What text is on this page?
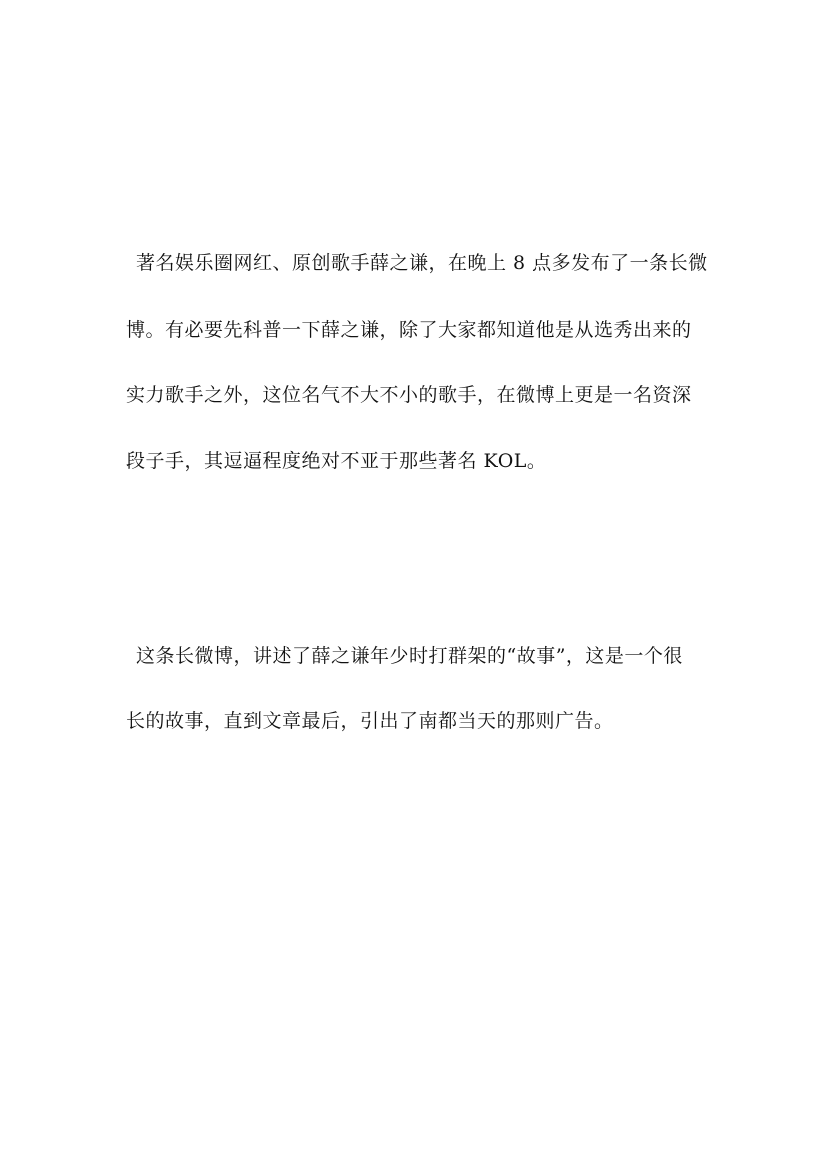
著名娱乐圈网红、原创歌手薛之谦，在晚上 8 点多发布了一条长微
博。有必要先科普一下薛之谦，除了大家都知道他是从选秀出来的
实力歌手之外，这位名气不大不小的歌手，在微博上更是一名资深
段子手，其逗逼程度绝对不亚于那些著名 KOL。
这条长微博，讲述了薛之谦年少时打群架的“故事”，这是一个很
长的故事，直到文章最后，引出了南都当天的那则广告。
